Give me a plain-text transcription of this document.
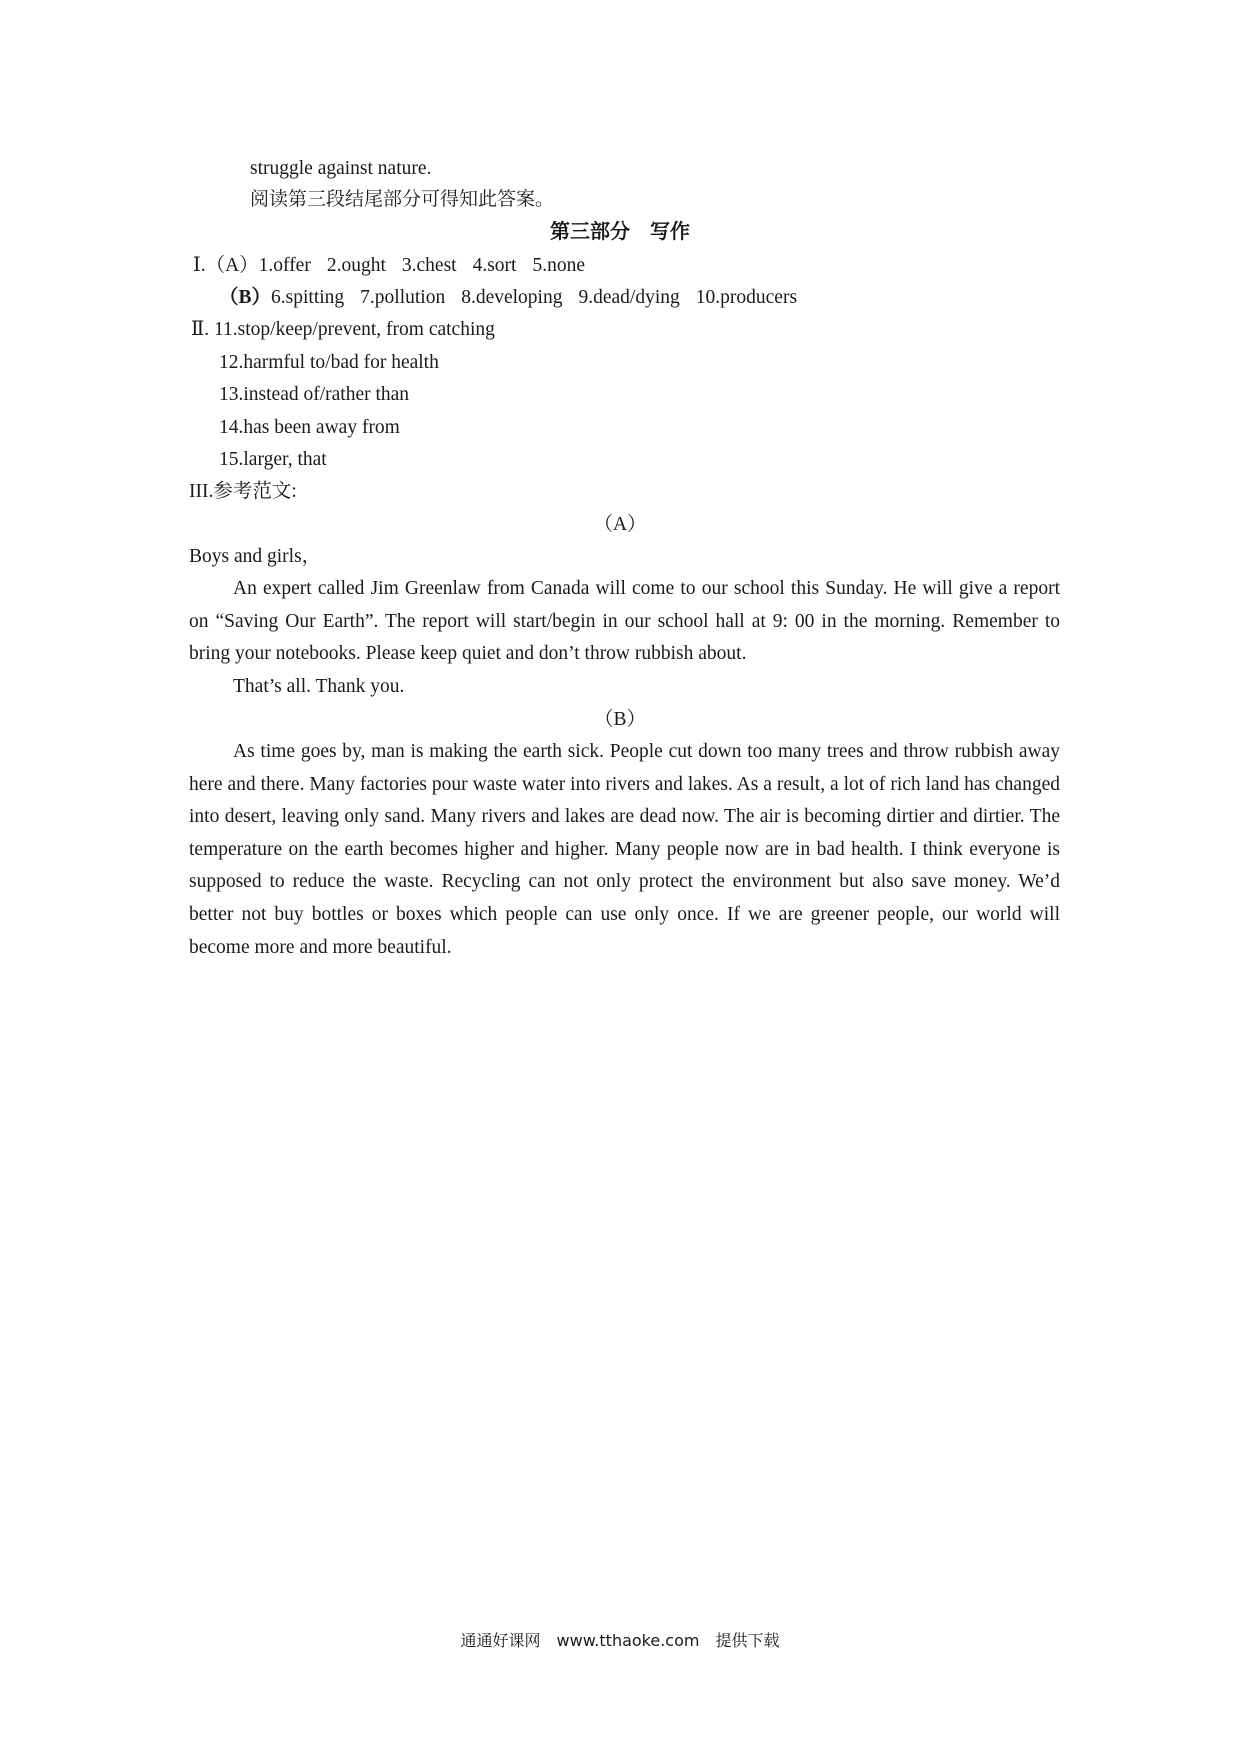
struggle against nature.
阅读第三段结尾部分可得知此答案。
第三部分　写作
Ⅰ.（A）1.offer 2.ought 3.chest 4.sort 5.none
（B）6.spitting 7.pollution 8.developing 9.dead/dying 10.producers
Ⅱ. 11.stop/keep/prevent, from catching
12.harmful to/bad for health
13.instead of/rather than
14.has been away from
15.larger, that
III.参考范文:
（A）
Boys and girls，
An expert called Jim Greenlaw from Canada will come to our school this Sunday. He will give a report on “Saving Our Earth”. The report will start/begin in our school hall at 9: 00 in the morning. Remember to bring your notebooks. Please keep quiet and don’t throw rubbish about.
That’s all. Thank you.
（B）
As time goes by, man is making the earth sick. People cut down too many trees and throw rubbish away here and there. Many factories pour waste water into rivers and lakes. As a result, a lot of rich land has changed into desert, leaving only sand. Many rivers and lakes are dead now. The air is becoming dirtier and dirtier. The temperature on the earth becomes higher and higher. Many people now are in bad health. I think everyone is supposed to reduce the waste. Recycling can not only protect the environment but also save money. We’d better not buy bottles or boxes which people can use only once. If we are greener people, our world will become more and more beautiful.
通通好课网　www.tthaoke.com　提供下载
